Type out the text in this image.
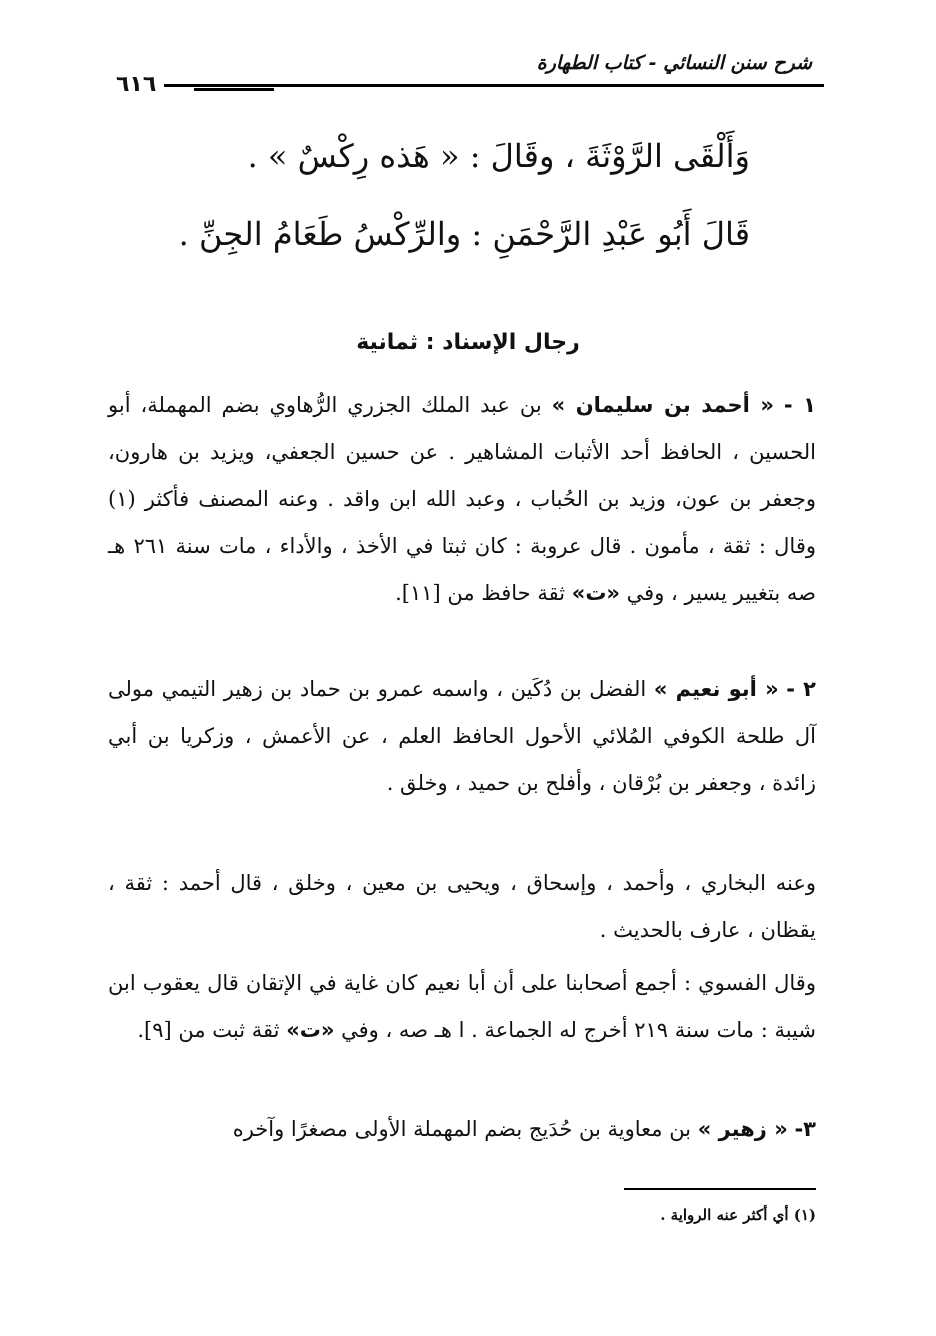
شرح سنن النسائي - كتاب الطهارة
٦١٦
وَأَلْقَى الرَّوْثَةَ ، وقَالَ : « هَذه رِكْسٌ » .
قَالَ أَبُو عَبْدِ الرَّحْمَنِ : والرِّكْسُ طَعَامُ الجِنِّ .
رجال الإسناد : ثمانية
١ - « أحمد بن سليمان » بن عبد الملك الجزري الرُّهاوي بضم المهملة، أبو الحسين ، الحافظ أحد الأثبات المشاهير . عن حسين الجعفي، ويزيد بن هارون، وجعفر بن عون، وزيد بن الحُباب ، وعبد الله ابن واقد . وعنه المصنف فأكثر (١) وقال : ثقة ، مأمون . قال عروبة : كان ثبتا في الأخذ ، والأداء ، مات سنة ٢٦١ هـ صه بتغيير يسير ، وفي «ت» ثقة حافظ من [١١].
٢ - « أبو نعيم » الفضل بن دُكَين ، واسمه عمرو بن حماد بن زهير التيمي مولى آل طلحة الكوفي المُلائي الأحول الحافظ العلم ، عن الأعمش ، وزكريا بن أبي زائدة ، وجعفر بن بُرْقان ، وأفلح بن حميد ، وخلق .
وعنه البخاري ، وأحمد ، وإسحاق ، ويحيى بن معين ، وخلق ، قال أحمد : ثقة ، يقظان ، عارف بالحديث .
وقال الفسوي : أجمع أصحابنا على أن أبا نعيم كان غاية في الإتقان قال يعقوب ابن شيبة : مات سنة ٢١٩ أخرج له الجماعة . ا هـ صه ، وفي «ت» ثقة ثبت من [٩].
٣- « زهير » بن معاوية بن حُدَيج بضم المهملة الأولى مصغرًا وآخره
(١) أي أكثر عنه الرواية .
